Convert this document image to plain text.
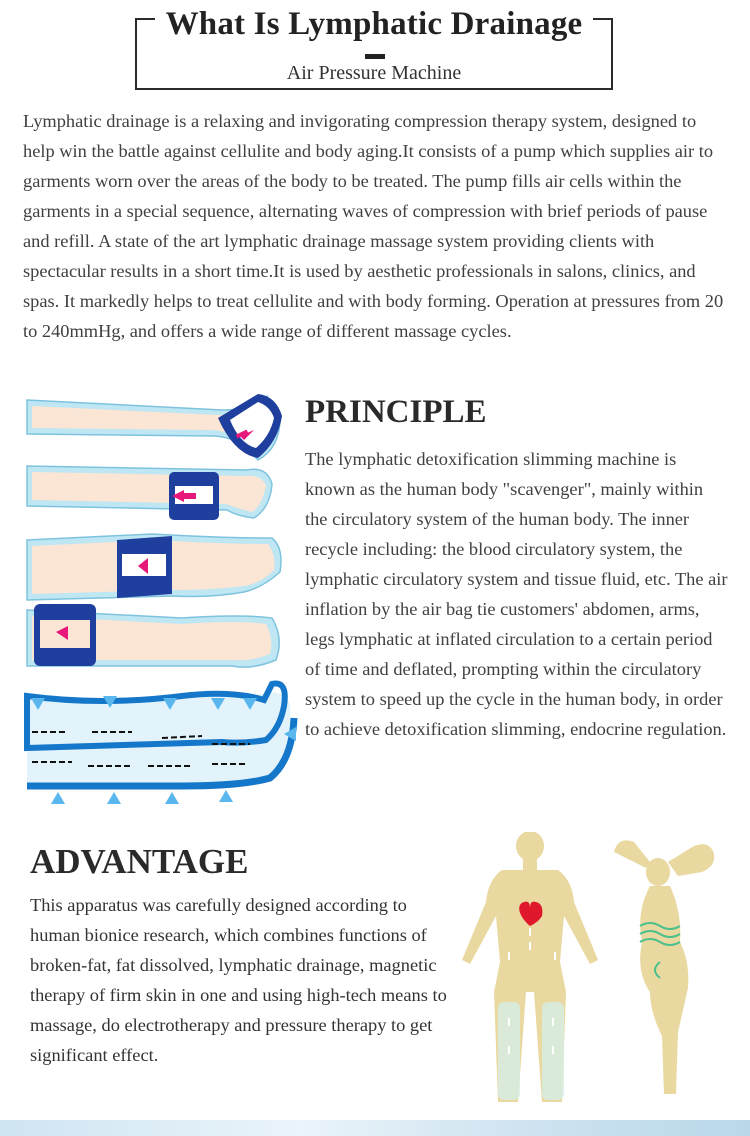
What Is Lymphatic Drainage
Air Pressure Machine

Lymphatic drainage is a relaxing and invigorating compression therapy system, designed to help win the battle against cellulite and body aging.It consists of a pump which supplies air to garments worn over the areas of the body to be treated. The pump fills air cells within the garments in a special sequence, alternating waves of compression with brief periods of pause and refill. A state of the art lymphatic drainage massage system providing clients with spectacular results in a short time.It is used by aesthetic professionals in salons, clinics, and spas. It markedly helps to treat cellulite and with body forming. Operation at pressures from 20 to 240mmHg, and offers a wide range of different massage cycles.

PRINCIPLE

The lymphatic detoxification slimming machine is known as the human body "scavenger", mainly within the circulatory system of the human body. The inner recycle including: the blood circulatory system, the lymphatic circulatory system and tissue fluid, etc. The air inflation by the air bag tie customers' abdomen, arms, legs lymphatic at inflated circulation to a certain period of time and deflated, prompting within the circulatory system to speed up the cycle in the human body, in order to achieve detoxification slimming, endocrine regulation.

ADVANTAGE

This apparatus was carefully designed according to human bionice research, which combines functions of broken-fat, fat dissolved, lymphatic drainage, magnetic therapy of firm skin in one and using high-tech means to massage, do electrotherapy and pressure therapy to get significant effect.
